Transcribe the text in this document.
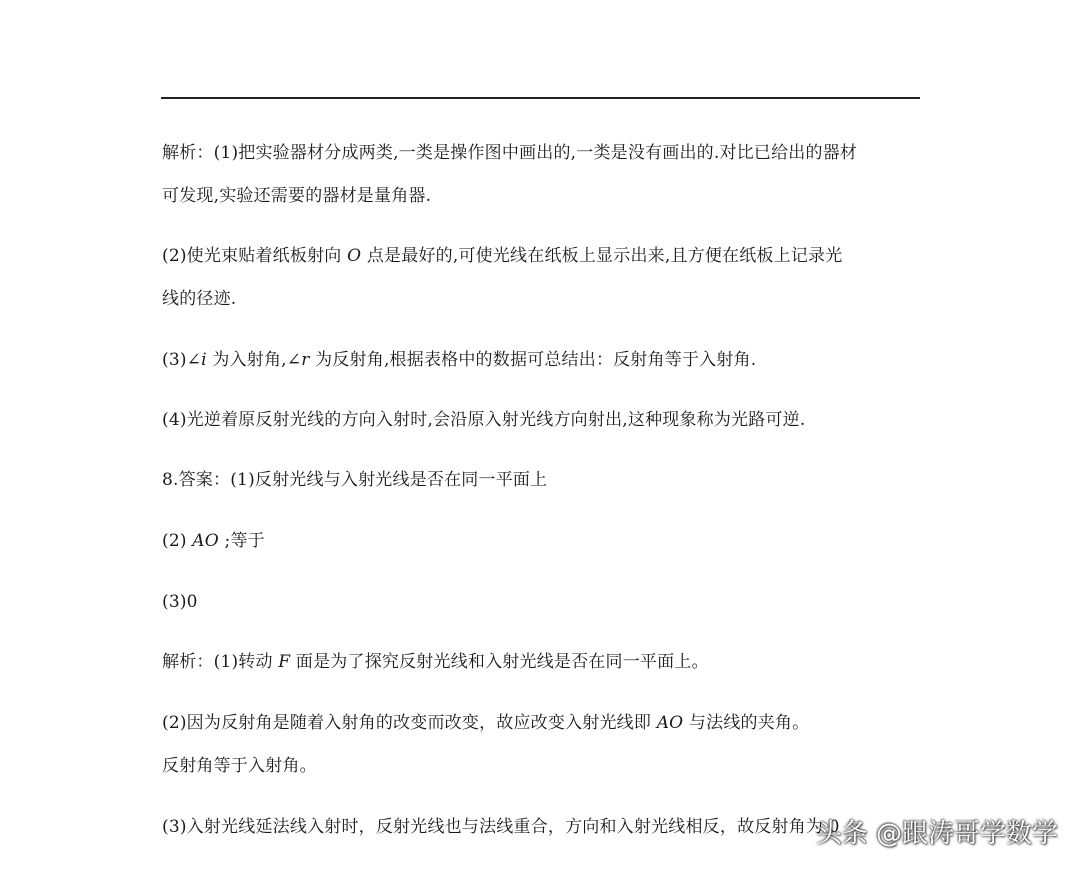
解析：(1)把实验器材分成两类,一类是操作图中画出的,一类是没有画出的.对比已给出的器材
可发现,实验还需要的器材是量角器.
(2)使光束贴着纸板射向 O 点是最好的,可使光线在纸板上显示出来,且方便在纸板上记录光
线的径迹.
(3)∠i 为入射角,∠r 为反射角,根据表格中的数据可总结出：反射角等于入射角.
(4)光逆着原反射光线的方向入射时,会沿原入射光线方向射出,这种现象称为光路可逆.
8.答案：(1)反射光线与入射光线是否在同一平面上
(2) AO ;等于
(3)0
解析：(1)转动 F 面是为了探究反射光线和入射光线是否在同一平面上。
(2)因为反射角是随着入射角的改变而改变，故应改变入射光线即 AO 与法线的夹角。
反射角等于入射角。
(3)入射光线延法线入射时，反射光线也与法线重合，方向和入射光线相反，故反射角为 0
头条 @跟涛哥学数学
